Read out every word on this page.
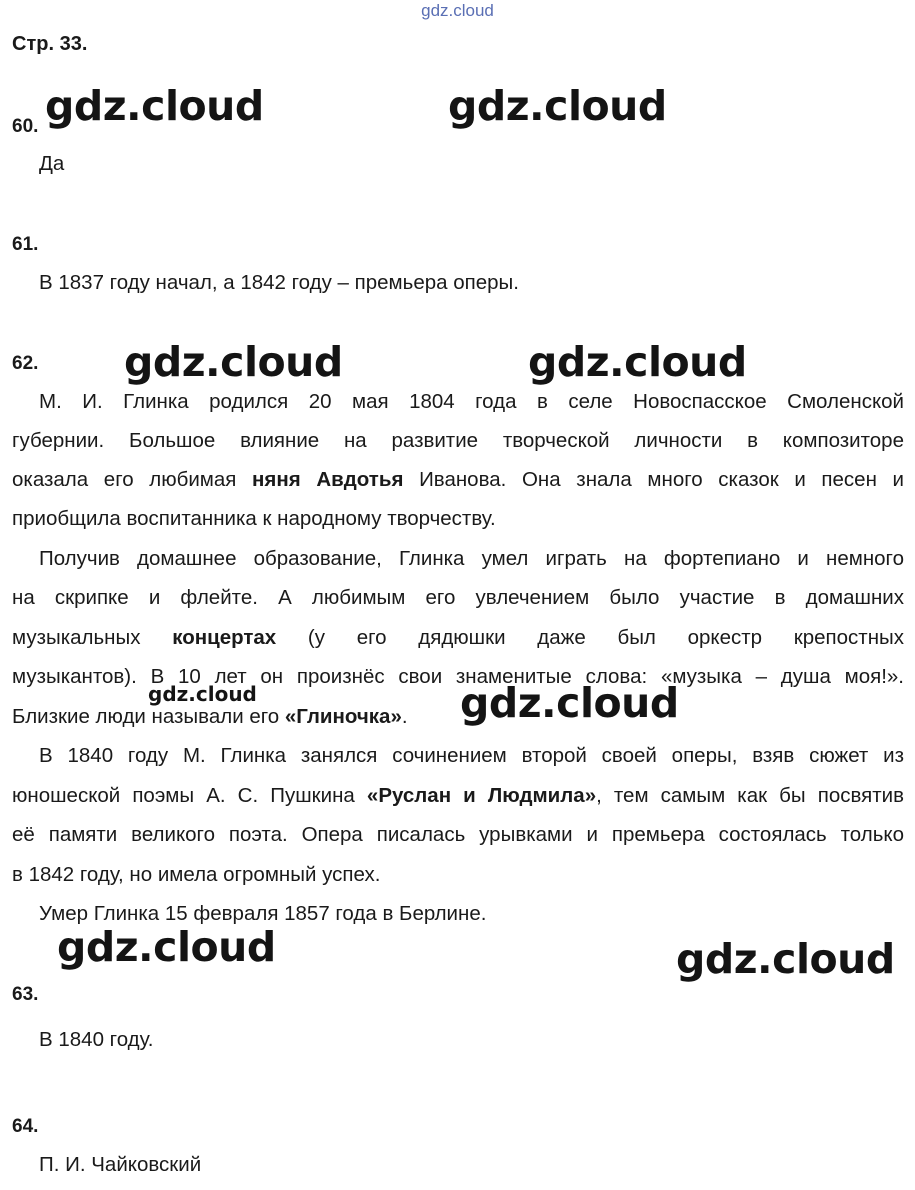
gdz.cloud
Стр. 33.
60.
Да
61.
В 1837 году начал, а 1842 году – премьера оперы.
62.
М. И. Глинка родился 20 мая 1804 года в селе Новоспасское Смоленской
губернии. Большое влияние на развитие творческой личности в композиторе
оказала его любимая няня Авдотья Иванова. Она знала много сказок и песен и
приобщила воспитанника к народному творчеству.
Получив домашнее образование, Глинка умел играть на фортепиано и немного
на скрипке и флейте. А любимым его увлечением было участие в домашних
музыкальных концертах (у его дядюшки даже был оркестр крепостных
музыкантов). В 10 лет он произнёс свои знаменитые слова: «музыка – душа моя!».
Близкие люди называли его «Глиночка».
В 1840 году М. Глинка занялся сочинением второй своей оперы, взяв сюжет из
юношеской поэмы А. С. Пушкина «Руслан и Людмила», тем самым как бы посвятив
её памяти великого поэта. Опера писалась урывками и премьера состоялась только
в 1842 году, но имела огромный успех.
Умер Глинка 15 февраля 1857 года в Берлине.
63.
В 1840 году.
64.
П. И. Чайковский
gdz.cloud	gdz.cloud
gdz.cloud	gdz.cloud
gdz.cloud	gdz.cloud
gdz.cloud	gdz.cloud
